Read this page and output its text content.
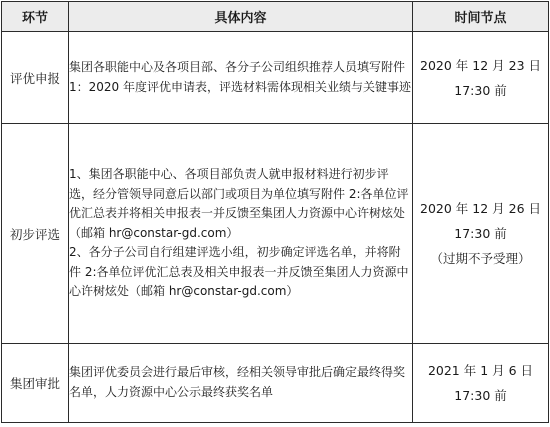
环节	具体内容	时间节点
评优申报	集团各职能中心及各项目部、各分子公司组织推荐人员填写附件 1：2020 年度评优申请表，评选材料需体现相关业绩与关键事迹	2020 年 12 月 23 日
17:30 前

初步评选	1、集团各职能中心、各项目部负责人就申报材料进行初步评选，经分管领导同意后以部门或项目为单位填写附件 2:各单位评优汇总表并将相关申报表一并反馈至集团人力资源中心许树炫处（邮箱 hr@constar-gd.com）
2、各分子公司自行组建评选小组，初步确定评选名单，并将附件 2:各单位评优汇总表及相关申报表一并反馈至集团人力资源中心许树炫处（邮箱 hr@constar-gd.com）	2020 年 12 月 26 日
17:30 前
（过期不予受理）

集团审批	集团评优委员会进行最后审核，经相关领导审批后确定最终得奖名单，人力资源中心公示最终获奖名单	2021 年 1 月 6 日
17:30 前
